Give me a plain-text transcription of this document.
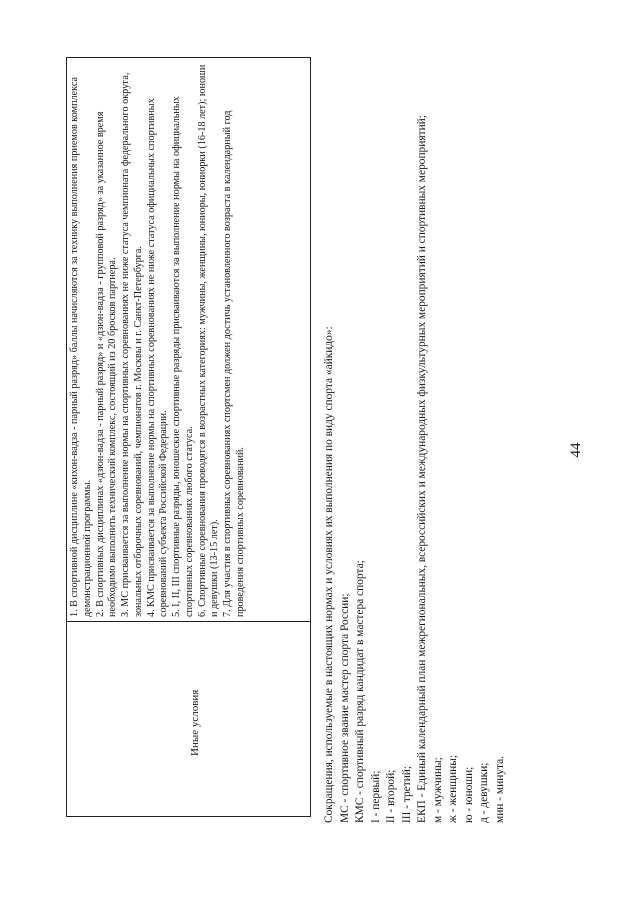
44
Иные условия

1. В спортивной дисциплине «кихон-вадза - парный разряд» баллы начисляются за технику выполнения приемов комплекса демонстрационной программы. 2. В спортивных дисциплинах «дзюн-вадза - парный разряд» и «дзюн-вадза - групповой разряд» за указанное время необходимо выполнить технический комплекс, состоящий из 20 бросков партнера. 3. МС присваивается за выполнение нормы на спортивных соревнованиях не ниже статуса чемпионата федерального округа, зональных отборочных соревнований, чемпионатов г. Москвы и г. Санкт-Петербурга. 4. КМС присваивается за выполнение нормы на спортивных соревнованиях не ниже статуса официальных спортивных соревнований субъекта Российской Федерации. 5. I, II, III спортивные разряды, юношеские спортивные разряды присваиваются за выполнение нормы на официальных спортивных соревнованиях любого статуса. 6. Спортивные соревнования проводятся в возрастных категориях: мужчины, женщины, юниоры, юниорки (16-18 лет); юноши и девушки (13-15 лет). 7. Для участия в спортивных соревнованиях спортсмен должен достичь установленного возраста в календарный год проведения спортивных соревнований.	Сокращения, используемые в настоящих нормах и условиях их выполнения по виду спорта «айкидо»: МС - спортивное звание мастер спорта России; КМС - спортивный разряд кандидат в мастера спорта; I - первый; II - второй; III - третий; ЕКП - Единый календарный план межрегиональных, всероссийских и международных физкультурных мероприятий и спортивных мероприятий; м - мужчины; ж - женщины; ю - юноши; д - девушки; мин - минута.
